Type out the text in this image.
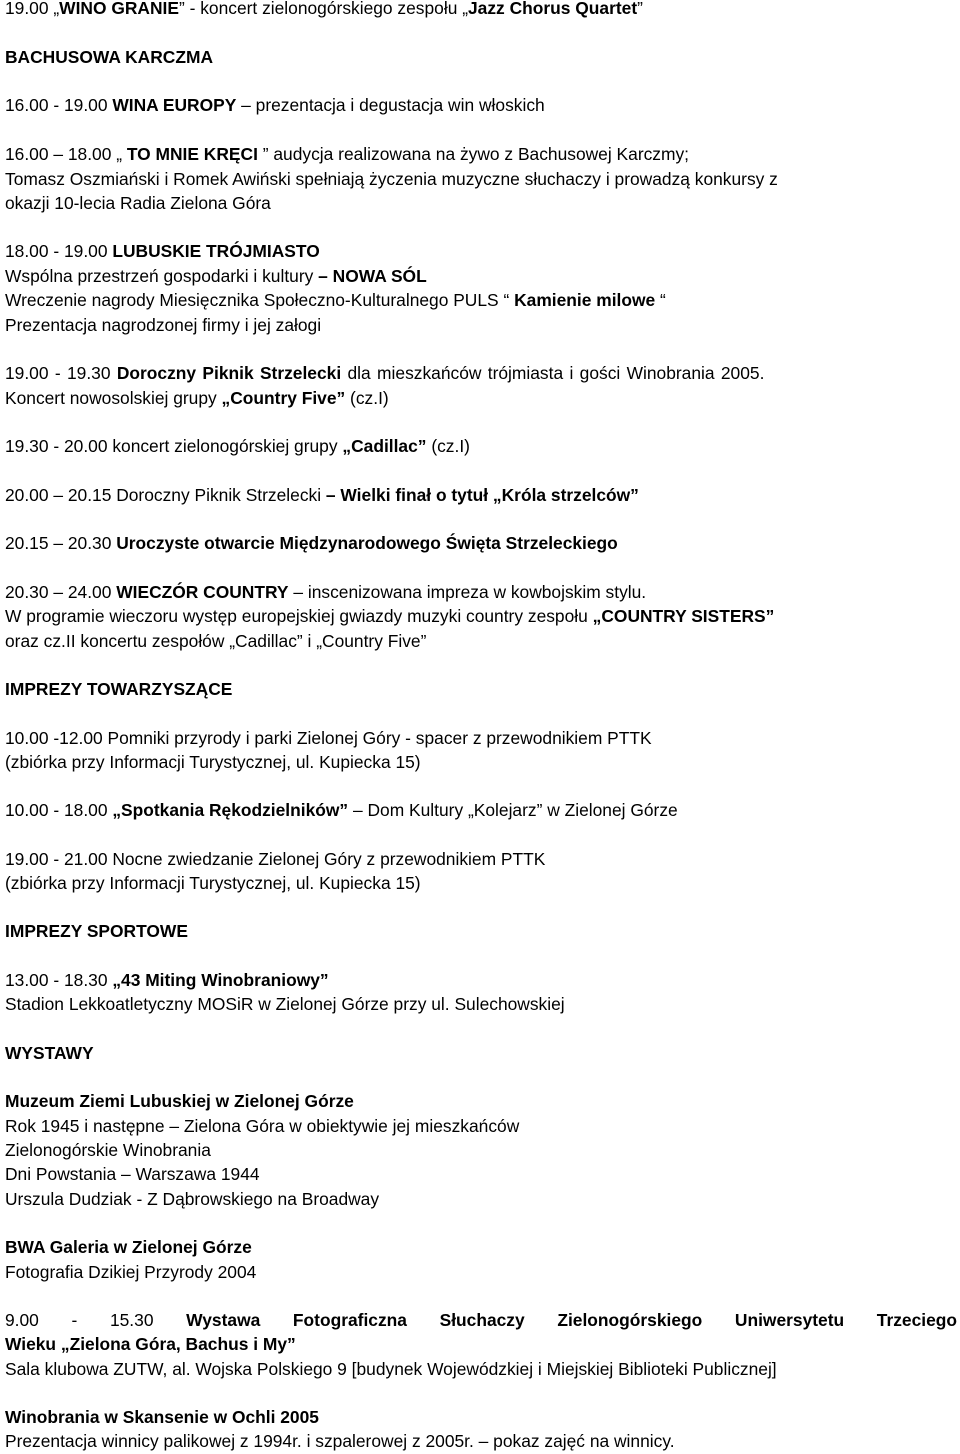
19.00 „WINO GRANIE” - koncert zielonogórskiego zespołu „Jazz Chorus Quartet”
BACHUSOWA KARCZMA
16.00 - 19.00 WINA EUROPY – prezentacja i degustacja win włoskich
16.00 – 18.00 „ TO MNIE KRĘCI ” audycja realizowana na żywo z Bachusowej Karczmy;
Tomasz Oszmiański i Romek Awiński spełniają życzenia muzyczne słuchaczy i prowadzą konkursy z
okazji 10-lecia Radia Zielona Góra
18.00 - 19.00 LUBUSKIE TRÓJMIASTO
Wspólna przestrzeń gospodarki i kultury – NOWA SÓL
Wreczenie nagrody Miesięcznika Społeczno-Kulturalnego PULS “ Kamienie milowe “
Prezentacja nagrodzonej firmy i jej załogi
19.00 - 19.30 Doroczny Piknik Strzelecki dla mieszkańców trójmiasta i gości Winobrania 2005.
Koncert nowosolskiej grupy „Country Five” (cz.I)
19.30 - 20.00 koncert zielonogórskiej grupy „Cadillac” (cz.I)
20.00 – 20.15 Doroczny Piknik Strzelecki – Wielki finał o tytuł „Króla strzelców”
20.15 – 20.30 Uroczyste otwarcie Międzynarodowego Święta Strzeleckiego
20.30 – 24.00 WIECZÓR COUNTRY – inscenizowana impreza w kowbojskim stylu.
W programie wieczoru występ europejskiej gwiazdy muzyki country zespołu „COUNTRY SISTERS”
oraz cz.II koncertu zespołów „Cadillac” i „Country Five”
IMPREZY TOWARZYSZĄCE
10.00 -12.00 Pomniki przyrody i parki Zielonej Góry - spacer z przewodnikiem PTTK
(zbiórka przy Informacji Turystycznej, ul. Kupiecka 15)
10.00 - 18.00 „Spotkania Rękodzielników” – Dom Kultury „Kolejarz” w Zielonej Górze
19.00 - 21.00 Nocne zwiedzanie Zielonej Góry z przewodnikiem PTTK
(zbiórka przy Informacji Turystycznej, ul. Kupiecka 15)
IMPREZY SPORTOWE
13.00 - 18.30 „43 Miting Winobraniowy”
Stadion Lekkoatletyczny MOSiR w Zielonej Górze przy ul. Sulechowskiej
WYSTAWY
Muzeum Ziemi Lubuskiej w Zielonej Górze
Rok 1945 i następne – Zielona Góra w obiektywie jej mieszkańców
Zielonogórskie Winobrania
Dni Powstania – Warszawa 1944
Urszula Dudziak - Z Dąbrowskiego na Broadway
BWA Galeria w Zielonej Górze
Fotografia Dzikiej Przyrody 2004
9.00 - 15.30 Wystawa Fotograficzna Słuchaczy Zielonogórskiego Uniwersytetu Trzeciego
Wieku „Zielona Góra, Bachus i My”
Sala klubowa ZUTW, al. Wojska Polskiego 9 [budynek Wojewódzkiej i Miejskiej Biblioteki Publicznej]
Winobrania w Skansenie w Ochli 2005
Prezentacja winnicy palikowej z 1994r. i szpalerowej z 2005r. – pokaz zajęć na winnicy.
